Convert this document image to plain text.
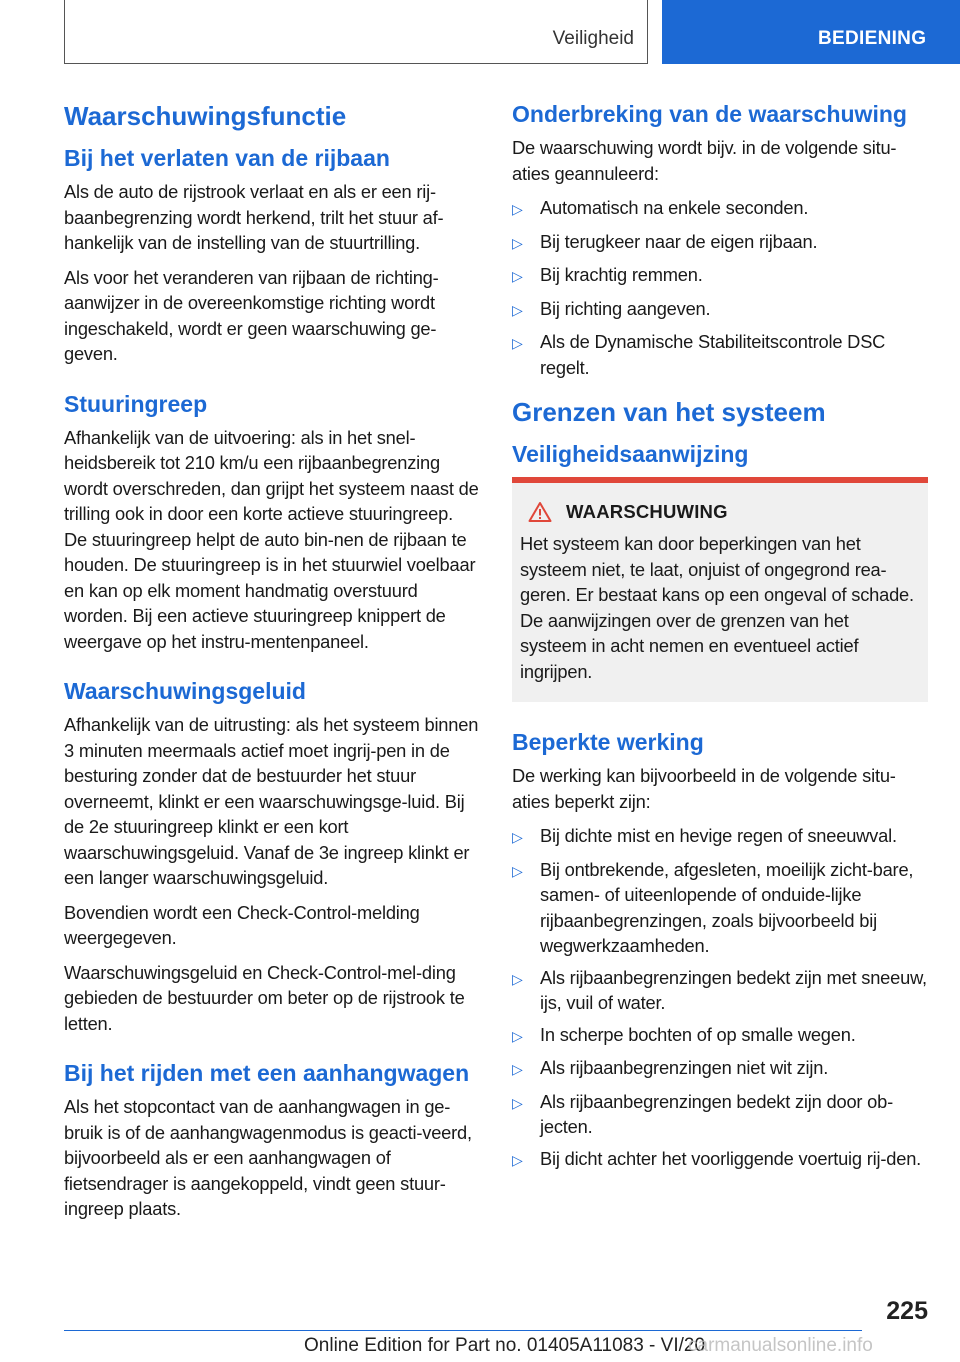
Veiligheid	BEDIENING
Waarschuwingsfunctie
Bij het verlaten van de rijbaan
Als de auto de rijstrook verlaat en als er een rij-baanbegrenzing wordt herkend, trilt het stuur af-hankelijk van de instelling van de stuurtrilling.
Als voor het veranderen van rijbaan de richting-aanwijzer in de overeenkomstige richting wordt ingeschakeld, wordt er geen waarschuwing ge-geven.
Stuuringreep
Afhankelijk van de uitvoering: als in het snel-heidsbereik tot 210 km/u een rijbaanbegrenzing wordt overschreden, dan grijpt het systeem naast de trilling ook in door een korte actieve stuuringreep. De stuuringreep helpt de auto bin-nen de rijbaan te houden. De stuuringreep is in het stuurwiel voelbaar en kan op elk moment handmatig overstuurd worden. Bij een actieve stuuringreep knippert de weergave op het instru-mentenpaneel.
Waarschuwingsgeluid
Afhankelijk van de uitrusting: als het systeem binnen 3 minuten meermaals actief moet ingrij-pen in de besturing zonder dat de bestuurder het stuur overneemt, klinkt er een waarschuwingsge-luid. Bij de 2e stuuringreep klinkt er een kort waarschuwingsgeluid. Vanaf de 3e ingreep klinkt er een langer waarschuwingsgeluid.
Bovendien wordt een Check-Control-melding weergegeven.
Waarschuwingsgeluid en Check-Control-mel-ding gebieden de bestuurder om beter op de rijstrook te letten.
Bij het rijden met een aanhangwagen
Als het stopcontact van de aanhangwagen in ge-bruik is of de aanhangwagenmodus is geacti-veerd, bijvoorbeeld als er een aanhangwagen of fietsendrager is aangekoppeld, vindt geen stuur-ingreep plaats.
Onderbreking van de waarschuwing
De waarschuwing wordt bijv. in de volgende situ-aties geannuleerd:
▷ Automatisch na enkele seconden.
▷ Bij terugkeer naar de eigen rijbaan.
▷ Bij krachtig remmen.
▷ Bij richting aangeven.
▷ Als de Dynamische Stabiliteitscontrole DSC regelt.
Grenzen van het systeem
Veiligheidsaanwijzing
WAARSCHUWING
Het systeem kan door beperkingen van het systeem niet, te laat, onjuist of ongegrond rea-geren. Er bestaat kans op een ongeval of schade. De aanwijzingen over de grenzen van het systeem in acht nemen en eventueel actief ingrijpen.
Beperkte werking
De werking kan bijvoorbeeld in de volgende situ-aties beperkt zijn:
▷ Bij dichte mist en hevige regen of sneeuwval.
▷ Bij ontbrekende, afgesleten, moeilijk zicht-bare, samen- of uiteenlopende of onduide-lijke rijbaanbegrenzingen, zoals bijvoorbeeld bij wegwerkzaamheden.
▷ Als rijbaanbegrenzingen bedekt zijn met sneeuw, ijs, vuil of water.
▷ In scherpe bochten of op smalle wegen.
▷ Als rijbaanbegrenzingen niet wit zijn.
▷ Als rijbaanbegrenzingen bedekt zijn door ob-jecten.
▷ Bij dicht achter het voorliggende voertuig rij-den.
225
Online Edition for Part no. 01405A11083 - VI/20
carmanualsonline.info
